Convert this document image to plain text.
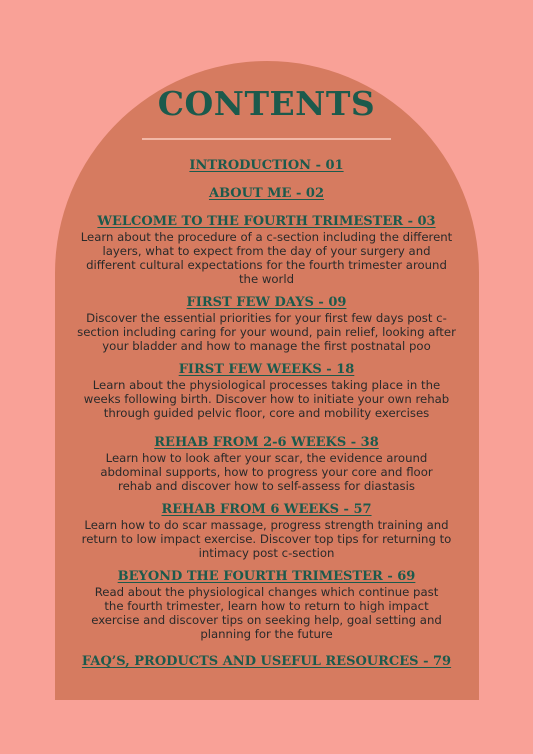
CONTENTS
INTRODUCTION - 01
ABOUT ME - 02
WELCOME TO THE FOURTH TRIMESTER - 03
Learn about the procedure of a c-section including the different layers, what to expect from the day of your surgery and different cultural expectations for the fourth trimester around the world
FIRST FEW DAYS - 09
Discover the essential priorities for your first few days post c-section including caring for your wound, pain relief, looking after your bladder and how to manage the first postnatal poo
FIRST FEW WEEKS - 18
Learn about the physiological processes taking place in the weeks following birth. Discover how to initiate your own rehab through guided pelvic floor, core and mobility exercises
REHAB FROM 2-6 WEEKS - 38
Learn how to look after your scar, the evidence around abdominal supports, how to progress your core and floor rehab and discover how to self-assess for diastasis
REHAB FROM 6 WEEKS - 57
Learn how to do scar massage, progress strength training and return to low impact exercise. Discover top tips for returning to intimacy post c-section
BEYOND THE FOURTH TRIMESTER - 69
Read about the physiological changes which continue past the fourth trimester, learn how to return to high impact exercise and discover tips on seeking help, goal setting and planning for the future
FAQ’S, PRODUCTS AND USEFUL RESOURCES - 79
